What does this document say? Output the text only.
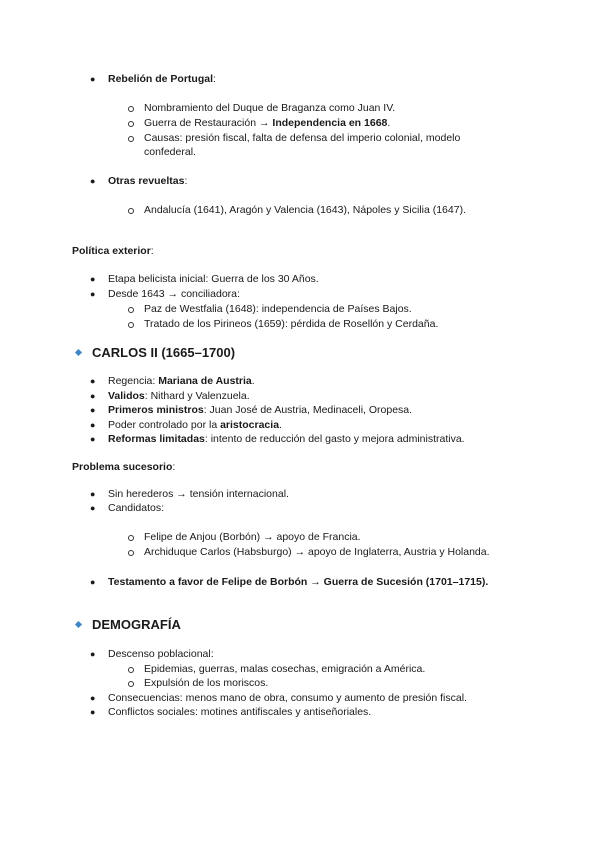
● Rebelión de Portugal:
Nombramiento del Duque de Braganza como Juan IV.
Guerra de Restauración → Independencia en 1668.
Causas: presión fiscal, falta de defensa del imperio colonial, modelo
confederal.
● Otras revueltas:
Andalucía (1641), Aragón y Valencia (1643), Nápoles y Sicilia (1647).
Política exterior:
● Etapa belicista inicial: Guerra de los 30 Años.
● Desde 1643 → conciliadora:
Paz de Westfalia (1648): independencia de Países Bajos.
Tratado de los Pirineos (1659): pérdida de Rosellón y Cerdaña.
CARLOS II (1665–1700)
● Regencia: Mariana de Austria.
● Validos: Nithard y Valenzuela.
● Primeros ministros: Juan José de Austria, Medinaceli, Oropesa.
● Poder controlado por la aristocracia.
● Reformas limitadas: intento de reducción del gasto y mejora administrativa.
Problema sucesorio:
● Sin herederos → tensión internacional.
● Candidatos:
Felipe de Anjou (Borbón) → apoyo de Francia.
Archiduque Carlos (Habsburgo) → apoyo de Inglaterra, Austria y Holanda.
● Testamento a favor de Felipe de Borbón → Guerra de Sucesión (1701–1715).
DEMOGRAFÍA
● Descenso poblacional:
Epidemias, guerras, malas cosechas, emigración a América.
Expulsión de los moriscos.
● Consecuencias: menos mano de obra, consumo y aumento de presión fiscal.
● Conflictos sociales: motines antifiscales y antiseñoriales.
